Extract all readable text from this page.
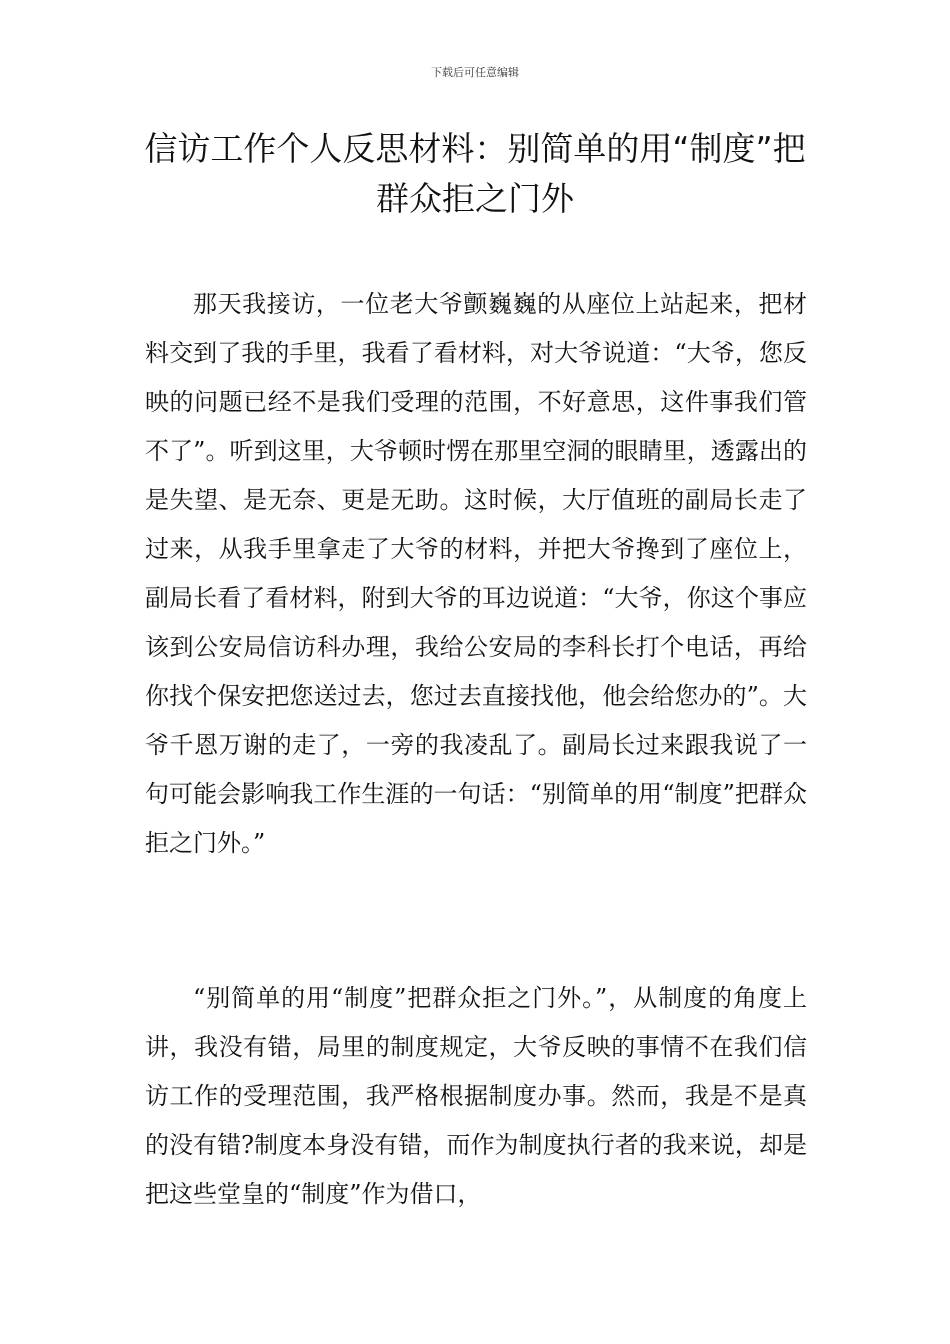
下载后可任意编辑
信访工作个人反思材料：别简单的用“制度”把群众拒之门外

那天我接访，一位老大爷颤巍巍的从座位上站起来，把材料交到了我的手里，我看了看材料，对大爷说道：“大爷，您反映的问题已经不是我们受理的范围，不好意思，这件事我们管不了”。听到这里，大爷顿时愣在那里空洞的眼睛里，透露出的是失望、是无奈、更是无助。这时候，大厅值班的副局长走了过来，从我手里拿走了大爷的材料，并把大爷搀到了座位上，副局长看了看材料，附到大爷的耳边说道：“大爷，你这个事应该到公安局信访科办理，我给公安局的李科长打个电话，再给你找个保安把您送过去，您过去直接找他，他会给您办的”。大爷千恩万谢的走了，一旁的我凌乱了。副局长过来跟我说了一句可能会影响我工作生涯的一句话：“别简单的用“制度”把群众拒之门外。”

“别简单的用“制度”把群众拒之门外。”，从制度的角度上讲，我没有错，局里的制度规定，大爷反映的事情不在我们信访工作的受理范围，我严格根据制度办事。然而，我是不是真的没有错?制度本身没有错，而作为制度执行者的我来说，却是把这些堂皇的“制度”作为借口，
